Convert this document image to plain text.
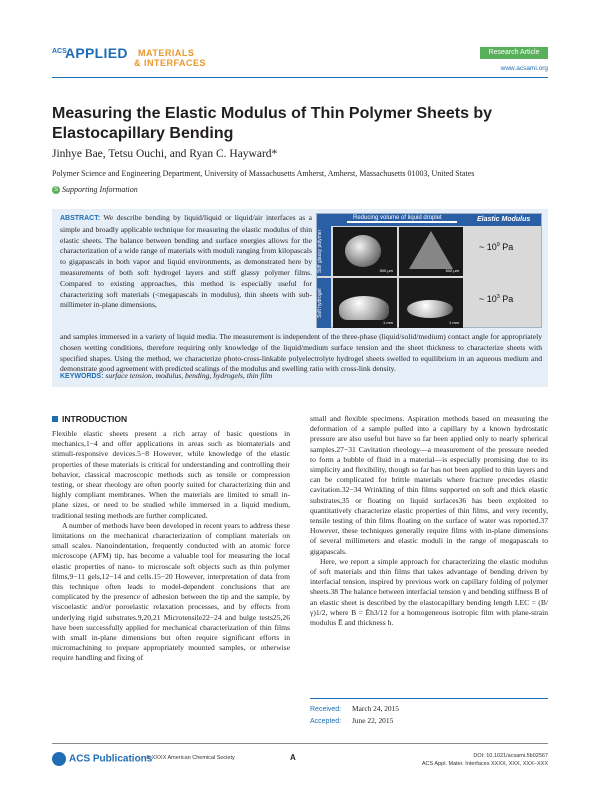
ACS
APPLIED MATERIALS
& INTERFACES
Research Article
www.acsami.org
Measuring the Elastic Modulus of Thin Polymer Sheets by Elastocapillary Bending
Jinhye Bae, Tetsu Ouchi, and Ryan C. Hayward*
Polymer Science and Engineering Department, University of Massachusetts Amherst, Amherst, Massachusetts 01003, United States
S Supporting Information
ABSTRACT: We describe bending by liquid/liquid or liquid/air interfaces as a simple and broadly applicable technique for measuring the elastic modulus of thin elastic sheets. The balance between bending and surface energies allows for the characterization of a wide range of materials with moduli ranging from kilopascals to gigapascals in both vapor and liquid environments, as demonstrated here by measurements of both soft hydrogel layers and stiff glassy polymer films. Compared to existing approaches, this method is especially useful for characterizing soft materials (<megapascals in modulus), thin sheets with sub-millimeter in-plane dimensions,
Reducing volume of liquid droplet	Elastic Modulus
Stiff glassy polymer
Soft hydrogel
500 μm	500 μm
1 mm	1 mm
~ $10^9$ Pa
~ $10^3$ Pa
and samples immersed in a variety of liquid media. The measurement is independent of the three-phase (liquid/solid/medium) contact angle for appropriately chosen wetting conditions, therefore requiring only knowledge of the liquid/medium surface tension and the sheet thickness to characterize sheets with specified shapes. Using the method, we characterize photo-cross-linkable polyelectrolyte hydrogel sheets swelled to equilibrium in an aqueous medium and demonstrate good agreement with predicted scalings of the modulus and swelling ratio with cross-link density.
KEYWORDS: surface tension, modulus, bending, hydrogels, thin film
INTRODUCTION

Flexible elastic sheets present a rich array of basic questions in mechanics,1−4 and offer applications in areas such as biomaterials and stimuli-responsive devices.5−8 However, while knowledge of the elastic properties of these materials is critical for understanding and controlling their behavior, classical macroscopic methods such as tensile or compression testing, or shear rheology are often poorly suited for characterizing thin and highly compliant membranes. When the materials are limited to small in-plane sizes, or need to be studied while immersed in a liquid medium, traditional testing methods are further complicated.

A number of methods have been developed in recent years to address these limitations on the mechanical characterization of compliant materials on small scales. Nanoindentation, frequently conducted with an atomic force microscope (AFM) tip, has become a valuable tool for measuring the local elastic properties of nano- to microscale soft objects such as thin polymer films,9−11 gels,12−14 and cells.15−20 However, interpretation of data from this technique often leads to model-dependent conclusions that are complicated by the presence of adhesion between the tip and the sample, by viscoelastic and/or poroelastic relaxation processes, and by effects from underlying rigid substrates.9,20,21 Microtensile22−24 and bulge tests25,26 have been successfully applied for mechanical characterization of thin films with small in-plane dimensions but often require significant efforts in micromachining to prepare appropriately mounted samples, or otherwise require handling and fixing of

small and flexible specimens. Aspiration methods based on measuring the deformation of a sample pulled into a capillary by a known hydrostatic pressure are also useful but have so far been applied only to nearly spherical samples.27−31 Cavitation rheology—a measurement of the pressure needed to form a bubble of fluid in a material—is especially promising due to its simplicity and flexibility, though so far has not been applied to thin layers and can be complicated for brittle materials where fracture precedes elastic cavitation.32−34 Wrinkling of thin films supported on soft and thick elastic substrates,35 or floating on liquid surfaces36 has been exploited to quantitatively characterize elastic properties of thin films, and very recently, tensile testing of thin films floating on the surface of water was reported.37 However, these techniques generally require films with in-plane dimensions of several millimeters and elastic moduli in the range of megapascals to gigapascals.

Here, we report a simple approach for characterizing the elastic modulus of soft materials and thin films that takes advantage of bending driven by interfacial tension, inspired by previous work on capillary folding of polymer sheets.38 The balance between interfacial tension γ and bending stiffness B of an elastic sheet is described by the elastocapillary bending length LEC = (B/γ)1/2, where B = Ēh3/12 for a homogeneous isotropic film with plane-strain modulus Ē and thickness h.

Received: March 24, 2015
Accepted: June 22, 2015
ACS Publications
© XXXX American Chemical Society	A	DOI: 10.1021/acsami.5b02567
ACS Appl. Mater. Interfaces XXXX, XXX, XXX−XXX
